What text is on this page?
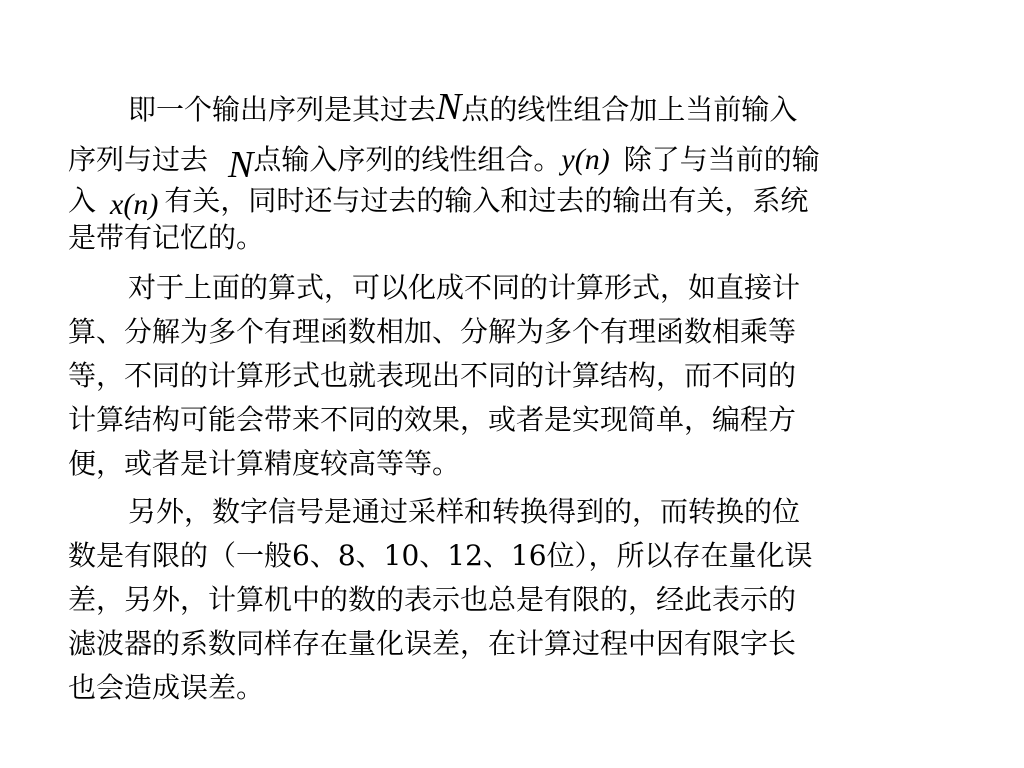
即一个输出序列是其过去N点的线性组合加上当前输入
序列与过去 N点输入序列的线性组合。y(n) 除了与当前的输
入 x(n) 有关，同时还与过去的输入和过去的输出有关，系统
是带有记忆的。
对于上面的算式，可以化成不同的计算形式，如直接计
算、分解为多个有理函数相加、分解为多个有理函数相乘等
等，不同的计算形式也就表现出不同的计算结构，而不同的
计算结构可能会带来不同的效果，或者是实现简单，编程方
便，或者是计算精度较高等等。
另外，数字信号是通过采样和转换得到的，而转换的位
数是有限的（一般6、8、10、12、16位），所以存在量化误
差，另外，计算机中的数的表示也总是有限的，经此表示的
滤波器的系数同样存在量化误差，在计算过程中因有限字长
也会造成误差。
